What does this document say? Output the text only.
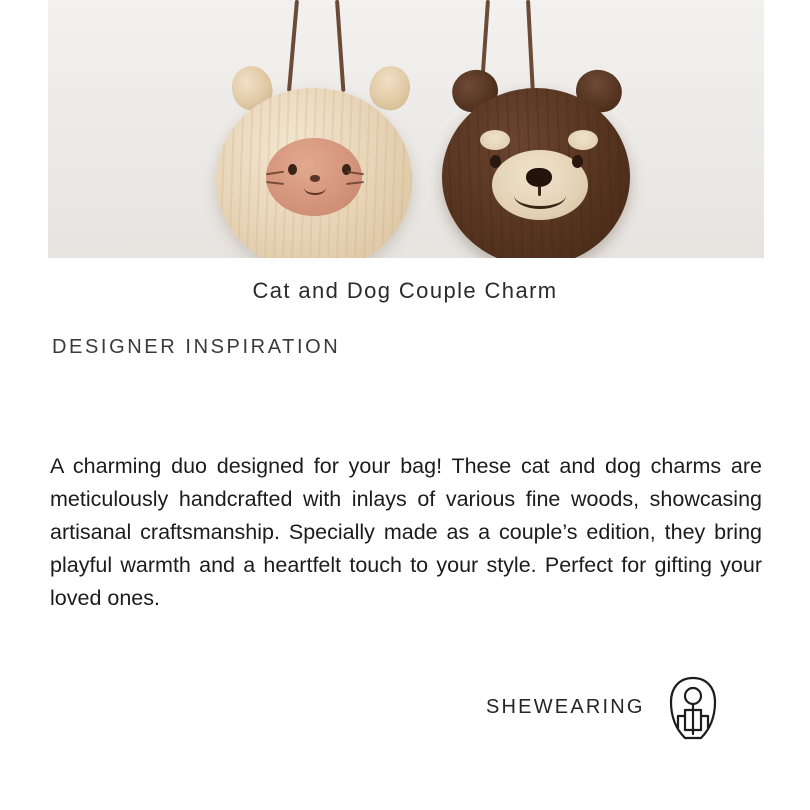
Cat and Dog Couple Charm
DESIGNER INSPIRATION

A charming duo designed for your bag! These cat and dog charms are meticulously handcrafted with inlays of various fine woods, showcasing artisanal craftsmanship. Specially made as a couple’s edition, they bring playful warmth and a heartfelt touch to your style. Perfect for gifting your loved ones.

SHEWEARING
